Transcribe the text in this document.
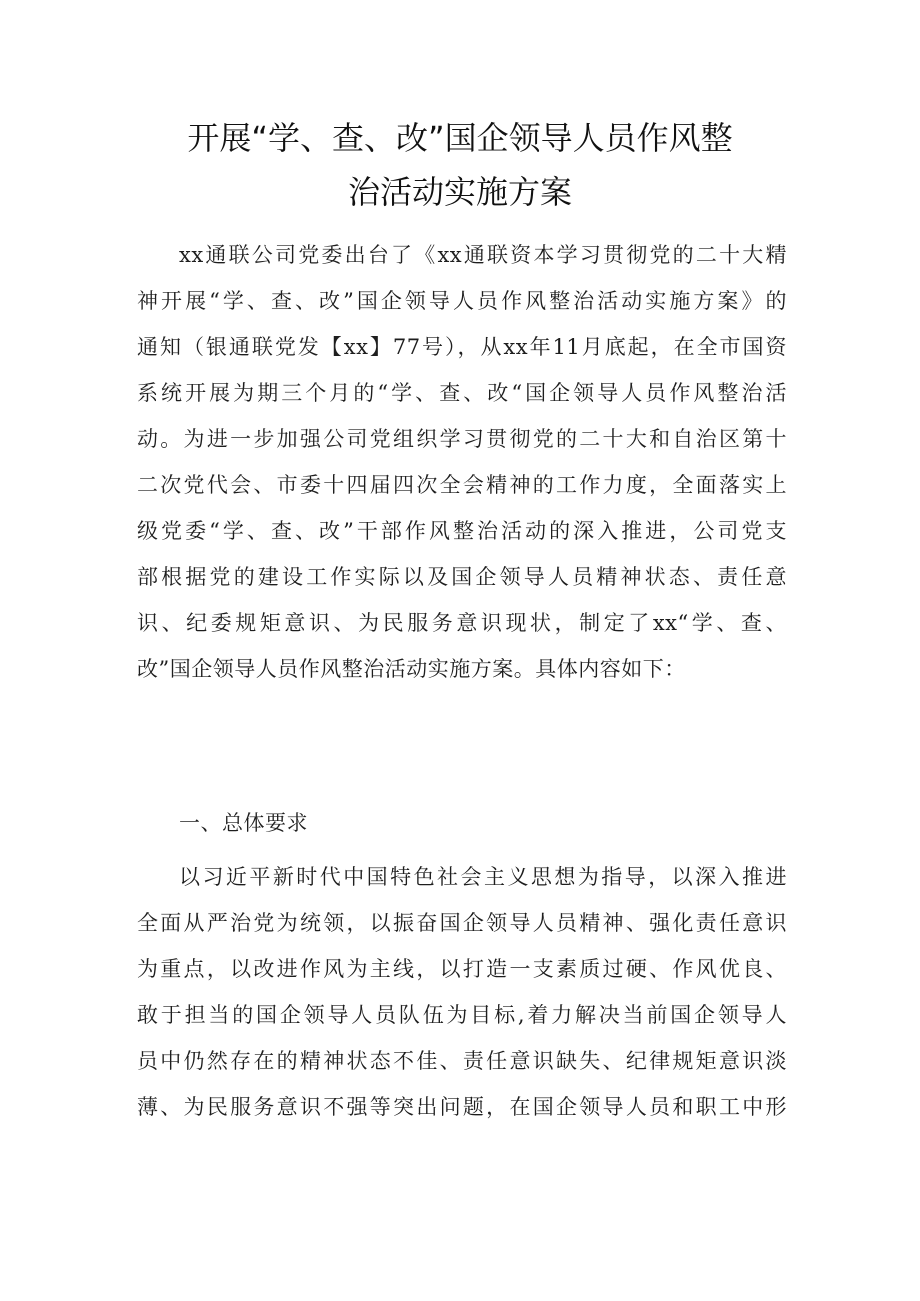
开展“学、查、改”国企领导人员作风整
治活动实施方案
xx通联公司党委出台了《xx通联资本学习贯彻党的二十大精
神开展“学、查、改”国企领导人员作风整治活动实施方案》的
通知（银通联党发【xx】77号），从xx年11月底起，在全市国资
系统开展为期三个月的“学、查、改“国企领导人员作风整治活
动。为进一步加强公司党组织学习贯彻党的二十大和自治区第十
二次党代会、市委十四届四次全会精神的工作力度，全面落实上
级党委“学、查、改”干部作风整治活动的深入推进，公司党支
部根据党的建设工作实际以及国企领导人员精神状态、责任意
识、纪委规矩意识、为民服务意识现状，制定了xx“学、查、
改”国企领导人员作风整治活动实施方案。具体内容如下：
一、总体要求
以习近平新时代中国特色社会主义思想为指导，以深入推进
全面从严治党为统领，以振奋国企领导人员精神、强化责任意识
为重点，以改进作风为主线，以打造一支素质过硬、作风优良、
敢于担当的国企领导人员队伍为目标,着力解决当前国企领导人
员中仍然存在的精神状态不佳、责任意识缺失、纪律规矩意识淡
薄、为民服务意识不强等突出问题，在国企领导人员和职工中形
